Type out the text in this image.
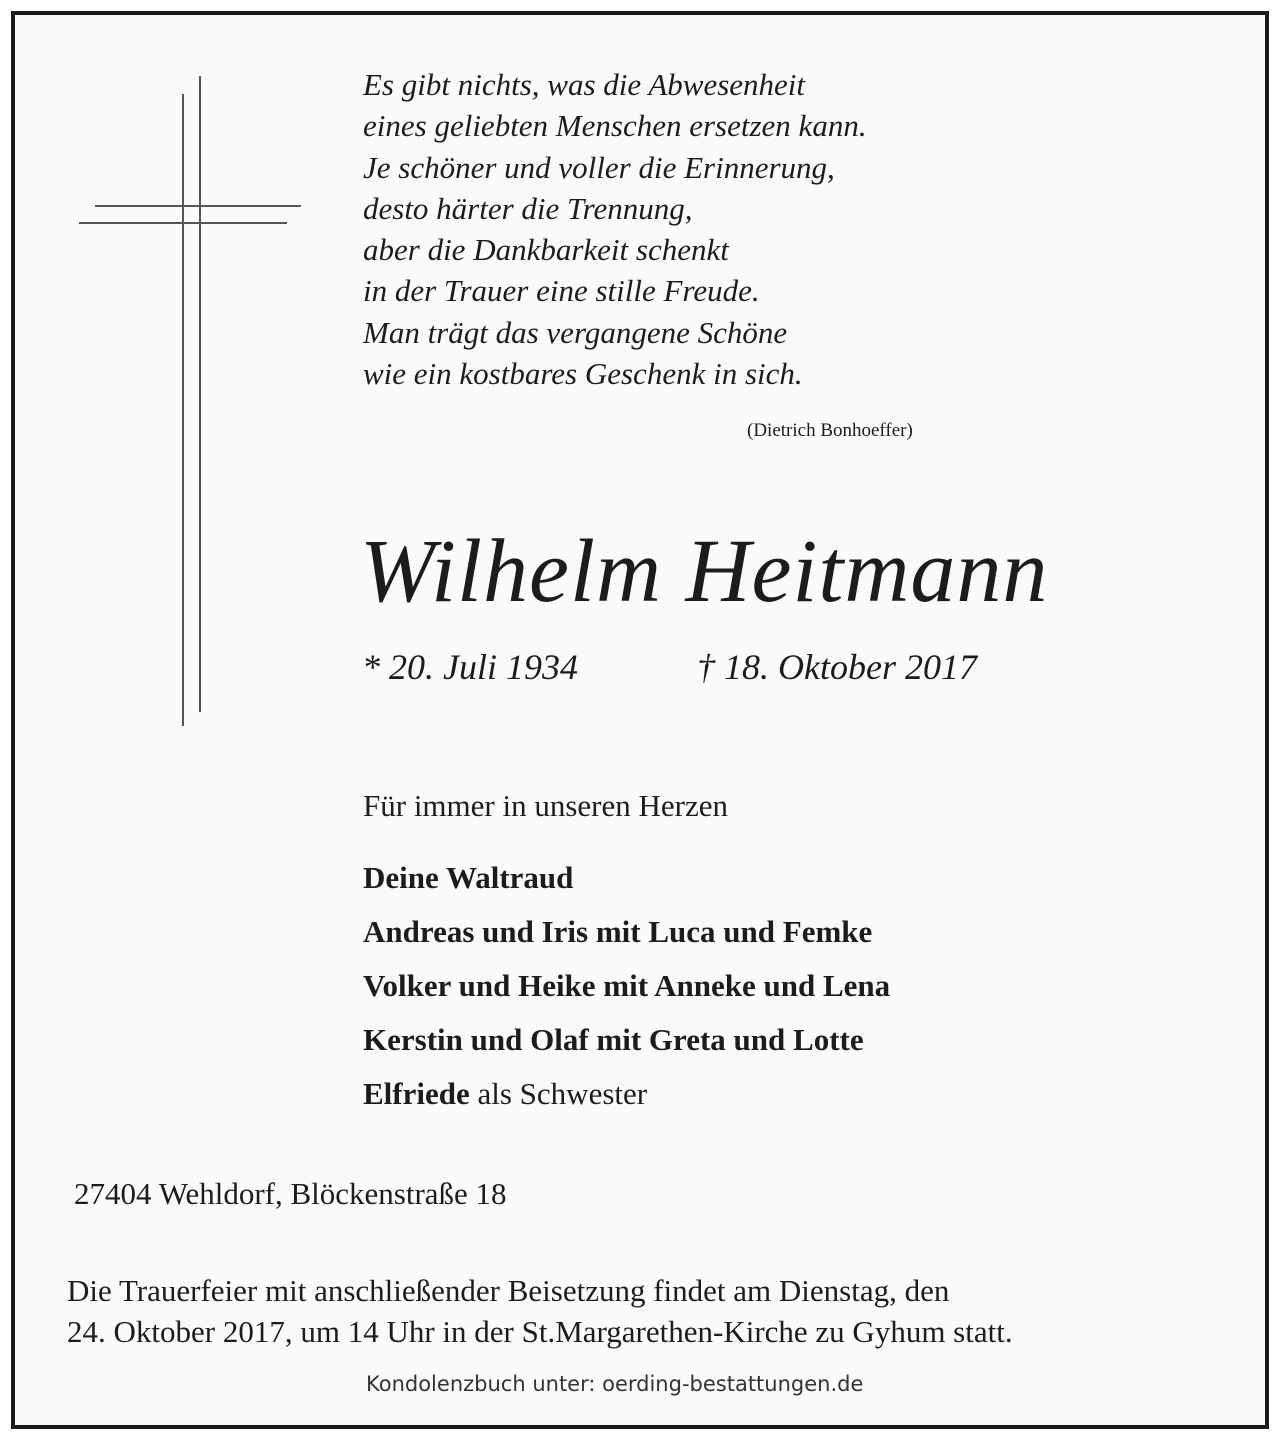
Es gibt nichts, was die Abwesenheit
eines geliebten Menschen ersetzen kann.
Je schöner und voller die Erinnerung,
desto härter die Trennung,
aber die Dankbarkeit schenkt
in der Trauer eine stille Freude.
Man trägt das vergangene Schöne
wie ein kostbares Geschenk in sich.
(Dietrich Bonhoeffer)
Wilhelm Heitmann
* 20. Juli 1934	† 18. Oktober 2017
Für immer in unseren Herzen
Deine Waltraud
Andreas und Iris mit Luca und Femke
Volker und Heike mit Anneke und Lena
Kerstin und Olaf mit Greta und Lotte
Elfriede als Schwester
27404 Wehldorf, Blöckenstraße 18
Die Trauerfeier mit anschließender Beisetzung findet am Dienstag, den
24. Oktober 2017, um 14 Uhr in der St.Margarethen-Kirche zu Gyhum statt.
Kondolenzbuch unter: oerding-bestattungen.de
